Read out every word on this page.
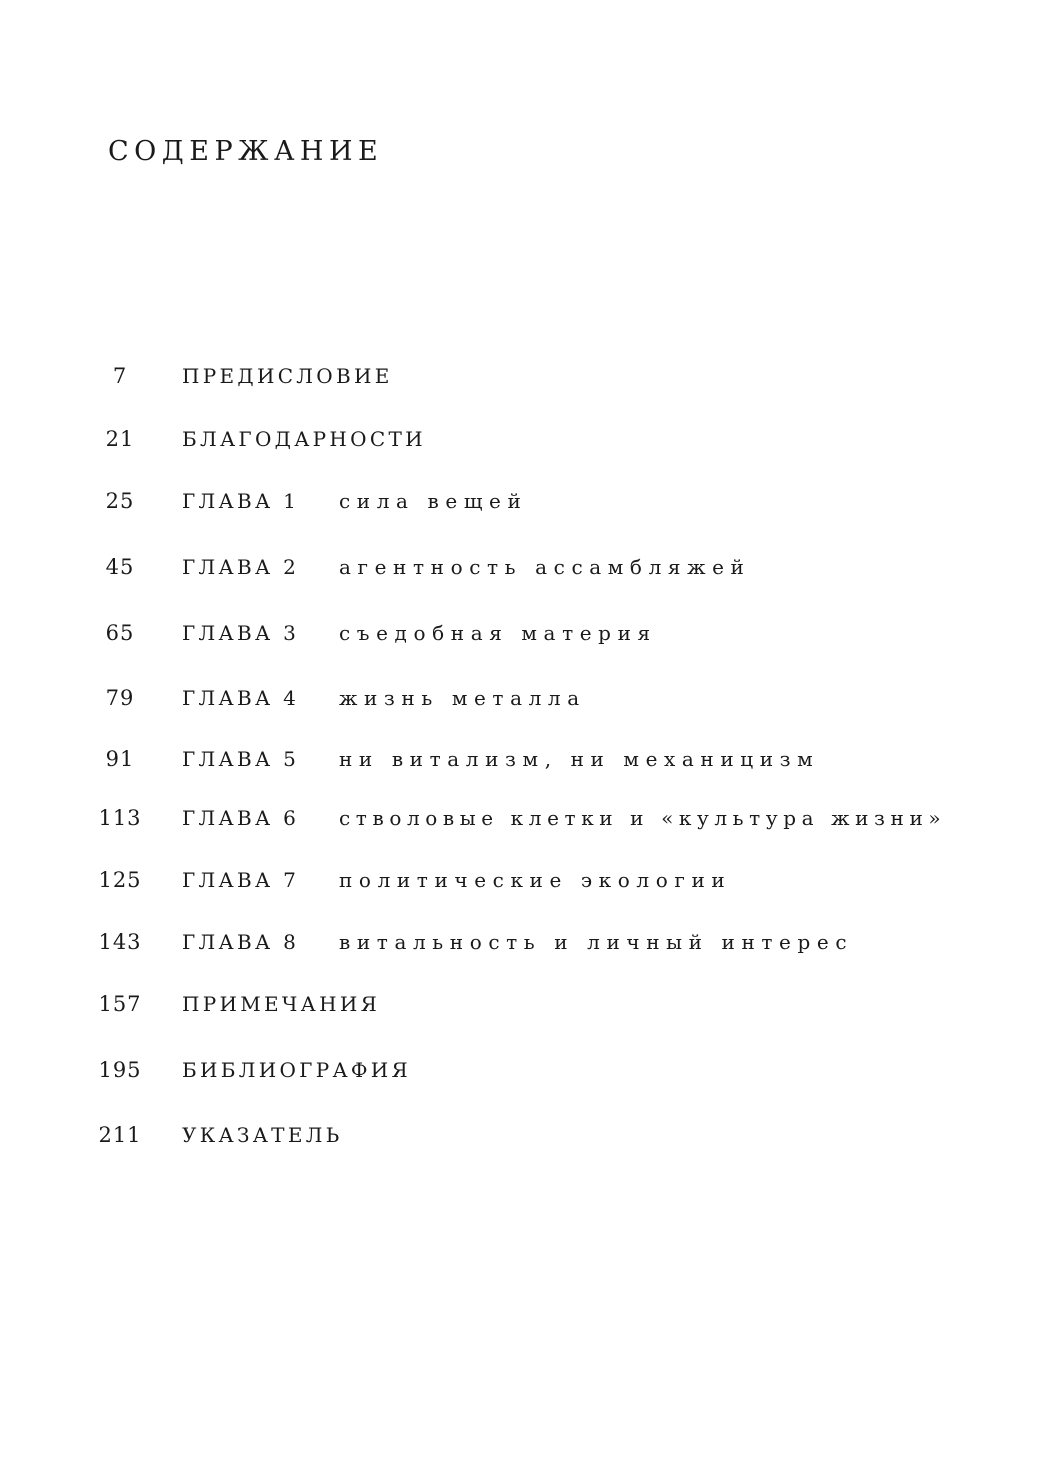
СОДЕРЖАНИЕ
7	ПРЕДИСЛОВИЕ
21	БЛАГОДАРНОСТИ
25	ГЛАВА 1 сила вещей
45	ГЛАВА 2 агентность ассамбляжей
65	ГЛАВА 3 съедобная материя
79	ГЛАВА 4 жизнь металла
91	ГЛАВА 5 ни витализм, ни механицизм
113	ГЛАВА 6 стволовые клетки и «культура жизни»
125	ГЛАВА 7 политические экологии
143	ГЛАВА 8 витальность и личный интерес
157	ПРИМЕЧАНИЯ
195	БИБЛИОГРАФИЯ
211	УКАЗАТЕЛЬ
